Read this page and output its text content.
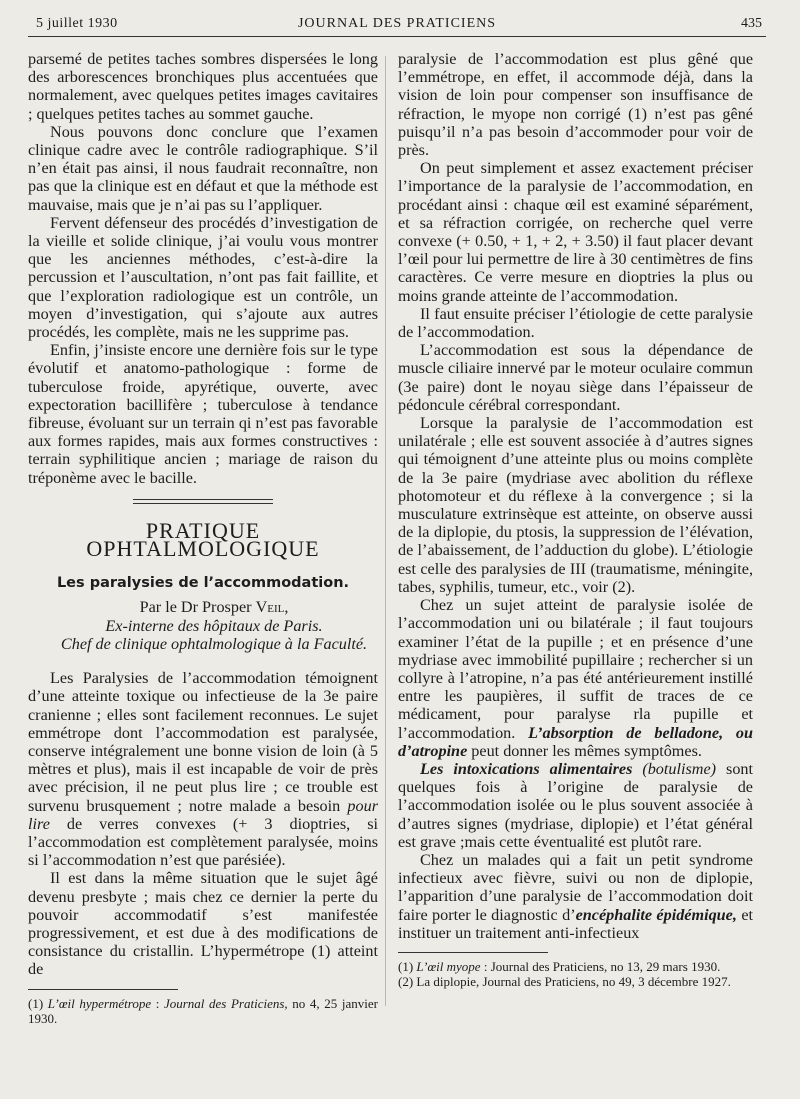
5 juillet 1930	JOURNAL DES PRATICIENS	435

parsemé de petites taches sombres dispersées le long des arborescences bronchiques plus accentuées que normalement, avec quelques petites images cavitaires ; quelques petites taches au sommet gauche.

Nous pouvons donc conclure que l’examen clinique cadre avec le contrôle radiographique. S’il n’en était pas ainsi, il nous faudrait reconnaître, non pas que la clinique est en défaut et que la méthode est mauvaise, mais que je n’ai pas su l’appliquer.

Fervent défenseur des procédés d’investigation de la vieille et solide clinique, j’ai voulu vous montrer que les anciennes méthodes, c’est-à-dire la percussion et l’auscultation, n’ont pas fait faillite, et que l’exploration radiologique est un contrôle, un moyen d’investigation, qui s’ajoute aux autres procédés, les complète, mais ne les supprime pas.

Enfin, j’insiste encore une dernière fois sur le type évolutif et anatomo-pathologique : forme de tuberculose froide, apyrétique, ouverte, avec expectoration bacillifère ; tuberculose à tendance fibreuse, évoluant sur un terrain qi n’est pas favorable aux formes rapides, mais aux formes constructives : terrain syphilitique ancien ; mariage de raison du tréponème avec le bacille.

PRATIQUE OPHTALMOLOGIQUE
Les paralysies de l’accommodation.

Par le Dr Prosper Veil,

Ex-interne des hôpitaux de Paris.

Chef de clinique ophtalmologique à la Faculté.

Les Paralysies de l’accommodation témoignent d’une atteinte toxique ou infectieuse de la 3e paire cranienne ; elles sont facilement reconnues. Le sujet emmétrope dont l’accommodation est paralysée, conserve intégralement une bonne vision de loin (à 5 mètres et plus), mais il est incapable de voir de près avec précision, il ne peut plus lire ; ce trouble est survenu brusquement ; notre malade a besoin pour lire de verres convexes (+ 3 dioptries, si l’accommodation est complètement paralysée, moins si l’accommodation n’est que parésiée).

Il est dans la même situation que le sujet âgé devenu presbyte ; mais chez ce dernier la perte du pouvoir accommodatif s’est manifestée progressivement, et est due à des modifications de consistance du cristallin. L’hypermétrope (1) atteint de

(1) L’œil hypermétrope : Journal des Praticiens, no 4, 25 janvier 1930.

paralysie de l’accommodation est plus gêné que l’emmétrope, en effet, il accommode déjà, dans la vision de loin pour compenser son insuffisance de réfraction, le myope non corrigé (1) n’est pas gêné puisqu’il n’a pas besoin d’accommoder pour voir de près.

On peut simplement et assez exactement préciser l’importance de la paralysie de l’accommodation, en procédant ainsi : chaque œil est examiné séparément, et sa réfraction corrigée, on recherche quel verre convexe (+ 0.50, + 1, + 2, + 3.50) il faut placer devant l’œil pour lui permettre de lire à 30 centimètres de fins caractères. Ce verre mesure en dioptries la plus ou moins grande atteinte de l’accommodation.

Il faut ensuite préciser l’étiologie de cette paralysie de l’accommodation.

L’accommodation est sous la dépendance de muscle ciliaire innervé par le moteur oculaire commun (3e paire) dont le noyau siège dans l’épaisseur de pédoncule cérébral correspondant.

Lorsque la paralysie de l’accommodation est unilatérale ; elle est souvent associée à d’autres signes qui témoignent d’une atteinte plus ou moins complète de la 3e paire (mydriase avec abolition du réflexe photomoteur et du réflexe à la convergence ; si la musculature extrinsèque est atteinte, on observe aussi de la diplopie, du ptosis, la suppression de l’élévation, de l’abaissement, de l’adduction du globe). L’étiologie est celle des paralysies de III (traumatisme, méningite, tabes, syphilis, tumeur, etc., voir (2).

Chez un sujet atteint de paralysie isolée de l’accommodation uni ou bilatérale ; il faut toujours examiner l’état de la pupille ; et en présence d’une mydriase avec immobilité pupillaire ; rechercher si un collyre à l’atropine, n’a pas été antérieurement instillé entre les paupières, il suffit de traces de ce médicament, pour paralyse rla pupille et l’accommodation. L’absorption de belladone, ou d’atropine peut donner les mêmes symptômes.

Les intoxications alimentaires (botulisme) sont quelques fois à l’origine de paralysie de l’accommodation isolée ou le plus souvent associée à d’autres signes (mydriase, diplopie) et l’état général est grave ;mais cette éventualité est plutôt rare.

Chez un malades qui a fait un petit syndrome infectieux avec fièvre, suivi ou non de diplopie, l’apparition d’une paralysie de l’accommodation doit faire porter le diagnostic d’encéphalite épidémique, et instituer un traitement anti-infectieux

(1) L’œil myope : Journal des Praticiens, no 13, 29 mars 1930.

(2) La diplopie, Journal des Praticiens, no 49, 3 décembre 1927.
